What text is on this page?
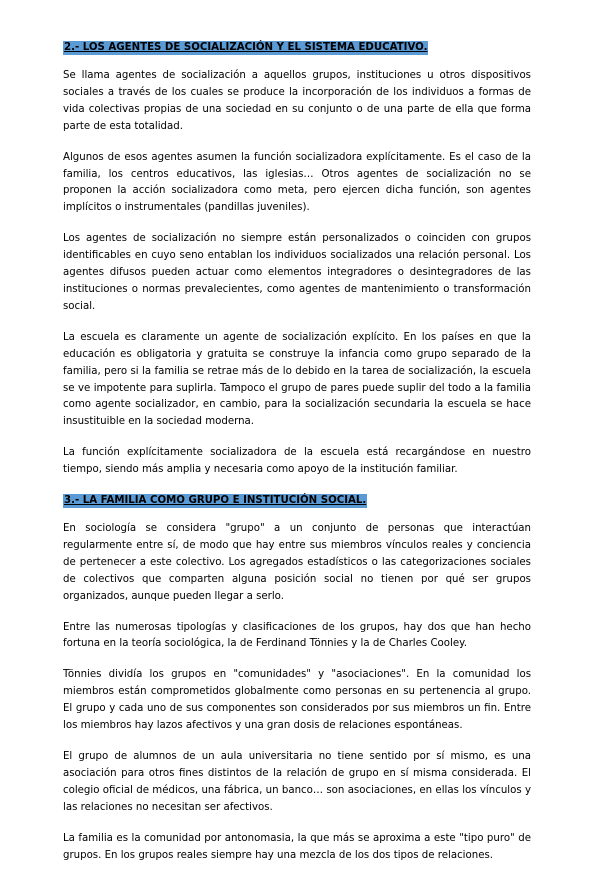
2.- LOS AGENTES DE SOCIALIZACIÓN Y EL SISTEMA EDUCATIVO.

Se llama agentes de socialización a aquellos grupos, instituciones u otros dispositivos sociales a través de los cuales se produce la incorporación de los individuos a formas de vida colectivas propias de una sociedad en su conjunto o de una parte de ella que forma parte de esta totalidad.

Algunos de esos agentes asumen la función socializadora explícitamente. Es el caso de la familia, los centros educativos, las iglesias… Otros agentes de socialización no se proponen la acción socializadora como meta, pero ejercen dicha función, son agentes implícitos o instrumentales (pandillas juveniles).

Los agentes de socialización no siempre están personalizados o coinciden con grupos identificables en cuyo seno entablan los individuos socializados una relación personal. Los agentes difusos pueden actuar como elementos integradores o desintegradores de las instituciones o normas prevalecientes, como agentes de mantenimiento o transformación social.

La escuela es claramente un agente de socialización explícito. En los países en que la educación es obligatoria y gratuita se construye la infancia como grupo separado de la familia, pero si la familia se retrae más de lo debido en la tarea de socialización, la escuela se ve impotente para suplirla. Tampoco el grupo de pares puede suplir del todo a la familia como agente socializador, en cambio, para la socialización secundaria la escuela se hace insustituible en la sociedad moderna.

La función explícitamente socializadora de la escuela está recargándose en nuestro tiempo, siendo más amplia y necesaria como apoyo de la institución familiar.

3.- LA FAMILIA COMO GRUPO E INSTITUCIÓN SOCIAL.

En sociología se considera "grupo" a un conjunto de personas que interactúan regularmente entre sí, de modo que hay entre sus miembros vínculos reales y conciencia de pertenecer a este colectivo. Los agregados estadísticos o las categorizaciones sociales de colectivos que comparten alguna posición social no tienen por qué ser grupos organizados, aunque pueden llegar a serlo.

Entre las numerosas tipologías y clasificaciones de los grupos, hay dos que han hecho fortuna en la teoría sociológica, la de Ferdinand Tönnies y la de Charles Cooley.

Tönnies dividía los grupos en "comunidades" y "asociaciones". En la comunidad los miembros están comprometidos globalmente como personas en su pertenencia al grupo. El grupo y cada uno de sus componentes son considerados por sus miembros un fin. Entre los miembros hay lazos afectivos y una gran dosis de relaciones espontáneas.

El grupo de alumnos de un aula universitaria no tiene sentido por sí mismo, es una asociación para otros fines distintos de la relación de grupo en sí misma considerada. El colegio oficial de médicos, una fábrica, un banco… son asociaciones, en ellas los vínculos y las relaciones no necesitan ser afectivos.

La familia es la comunidad por antonomasia, la que más se aproxima a este "tipo puro" de grupos. En los grupos reales siempre hay una mezcla de los dos tipos de relaciones.
